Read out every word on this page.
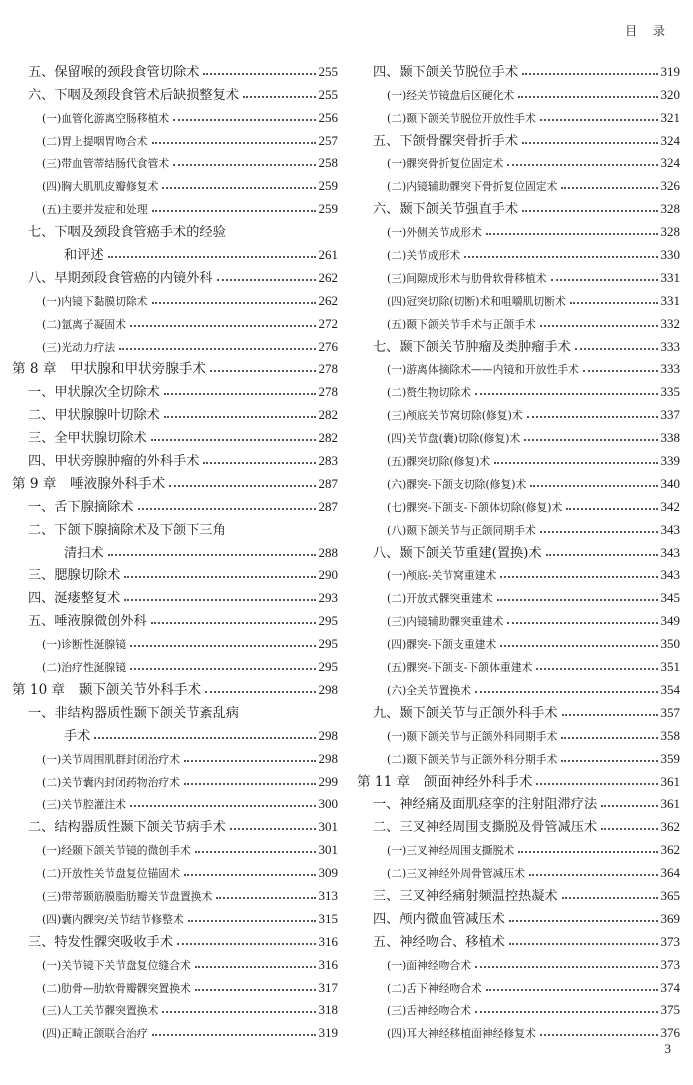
目 录
五、保留喉的颈段食管切除术	255
六、下咽及颈段食管术后缺损整复术	255
(一)血管化游离空肠移植术	256
(二)胃上提咽胃吻合术	257
(三)带血管蒂结肠代食管术	258
(四)胸大肌肌皮瓣修复术	259
(五)主要并发症和处理	259
七、下咽及颈段食管癌手术的经验
和评述	261
八、早期颈段食管癌的内镜外科	262
(一)内镜下黏膜切除术	262
(二)氩离子凝固术	272
(三)光动力疗法	276
第 8 章　甲状腺和甲状旁腺手术	278
一、甲状腺次全切除术	278
二、甲状腺腺叶切除术	282
三、全甲状腺切除术	282
四、甲状旁腺肿瘤的外科手术	283
第 9 章　唾液腺外科手术	287
一、舌下腺摘除术	287
二、下颌下腺摘除术及下颌下三角
清扫术	288
三、腮腺切除术	290
四、涎瘘整复术	293
五、唾液腺微创外科	295
(一)诊断性涎腺镜	295
(二)治疗性涎腺镜	295
第 10 章　颞下颌关节外科手术	298
一、非结构器质性颞下颌关节紊乱病
手术	298
(一)关节周围肌群封闭治疗术	298
(二)关节囊内封闭药物治疗术	299
(三)关节腔灌注术	300
二、结构器质性颞下颌关节病手术	301
(一)经颞下颌关节镜的微创手术	301
(二)开放性关节盘复位锚固术	309
(三)带蒂颞筋膜脂肪瓣关节盘置换术	313
(四)囊内髁突/关节结节修整术	315
三、特发性髁突吸收手术	316
(一)关节镜下关节盘复位缝合术	316
(二)肋骨—肋软骨瓣髁突置换术	317
(三)人工关节髁突置换术	318
(四)正畸正颌联合治疗	319
四、颞下颌关节脱位手术	319
(一)经关节镜盘后区硬化术	320
(二)颞下颌关节脱位开放性手术	321
五、下颌骨髁突骨折手术	324
(一)髁突骨折复位固定术	324
(二)内镜辅助髁突下骨折复位固定术	326
六、颞下颌关节强直手术	328
(一)外侧关节成形术	328
(二)关节成形术	330
(三)间隙成形术与肋骨软骨移植术	331
(四)冠突切除(切断)术和咀嚼肌切断术	331
(五)颞下颌关节手术与正颌手术	332
七、颞下颌关节肿瘤及类肿瘤手术	333
(一)游离体摘除术——内镜和开放性手术	333
(二)赘生物切除术	335
(三)颅底关节窝切除(修复)术	337
(四)关节盘(囊)切除(修复)术	338
(五)髁突切除(修复)术	339
(六)髁突-下颌支切除(修复)术	340
(七)髁突-下颌支-下颌体切除(修复)术	342
(八)颞下颌关节与正颌同期手术	343
八、颞下颌关节重建(置换)术	343
(一)颅底-关节窝重建术	343
(二)开放式髁突重建术	345
(三)内镜辅助髁突重建术	349
(四)髁突-下颌支重建术	350
(五)髁突-下颌支-下颌体重建术	351
(六)全关节置换术	354
九、颞下颌关节与正颌外科手术	357
(一)颞下颌关节与正颌外科同期手术	358
(二)颞下颌关节与正颌外科分期手术	359
第 11 章　颌面神经外科手术	361
一、神经痛及面肌痉挛的注射阻滞疗法	361
二、三叉神经周围支撕脱及骨管减压术	362
(一)三叉神经周围支撕脱术	362
(二)三叉神经外周骨管减压术	364
三、三叉神经痛射频温控热凝术	365
四、颅内微血管减压术	369
五、神经吻合、移植术	373
(一)面神经吻合术	373
(二)舌下神经吻合术	374
(三)舌神经吻合术	375
(四)耳大神经移植面神经修复术	376
3
